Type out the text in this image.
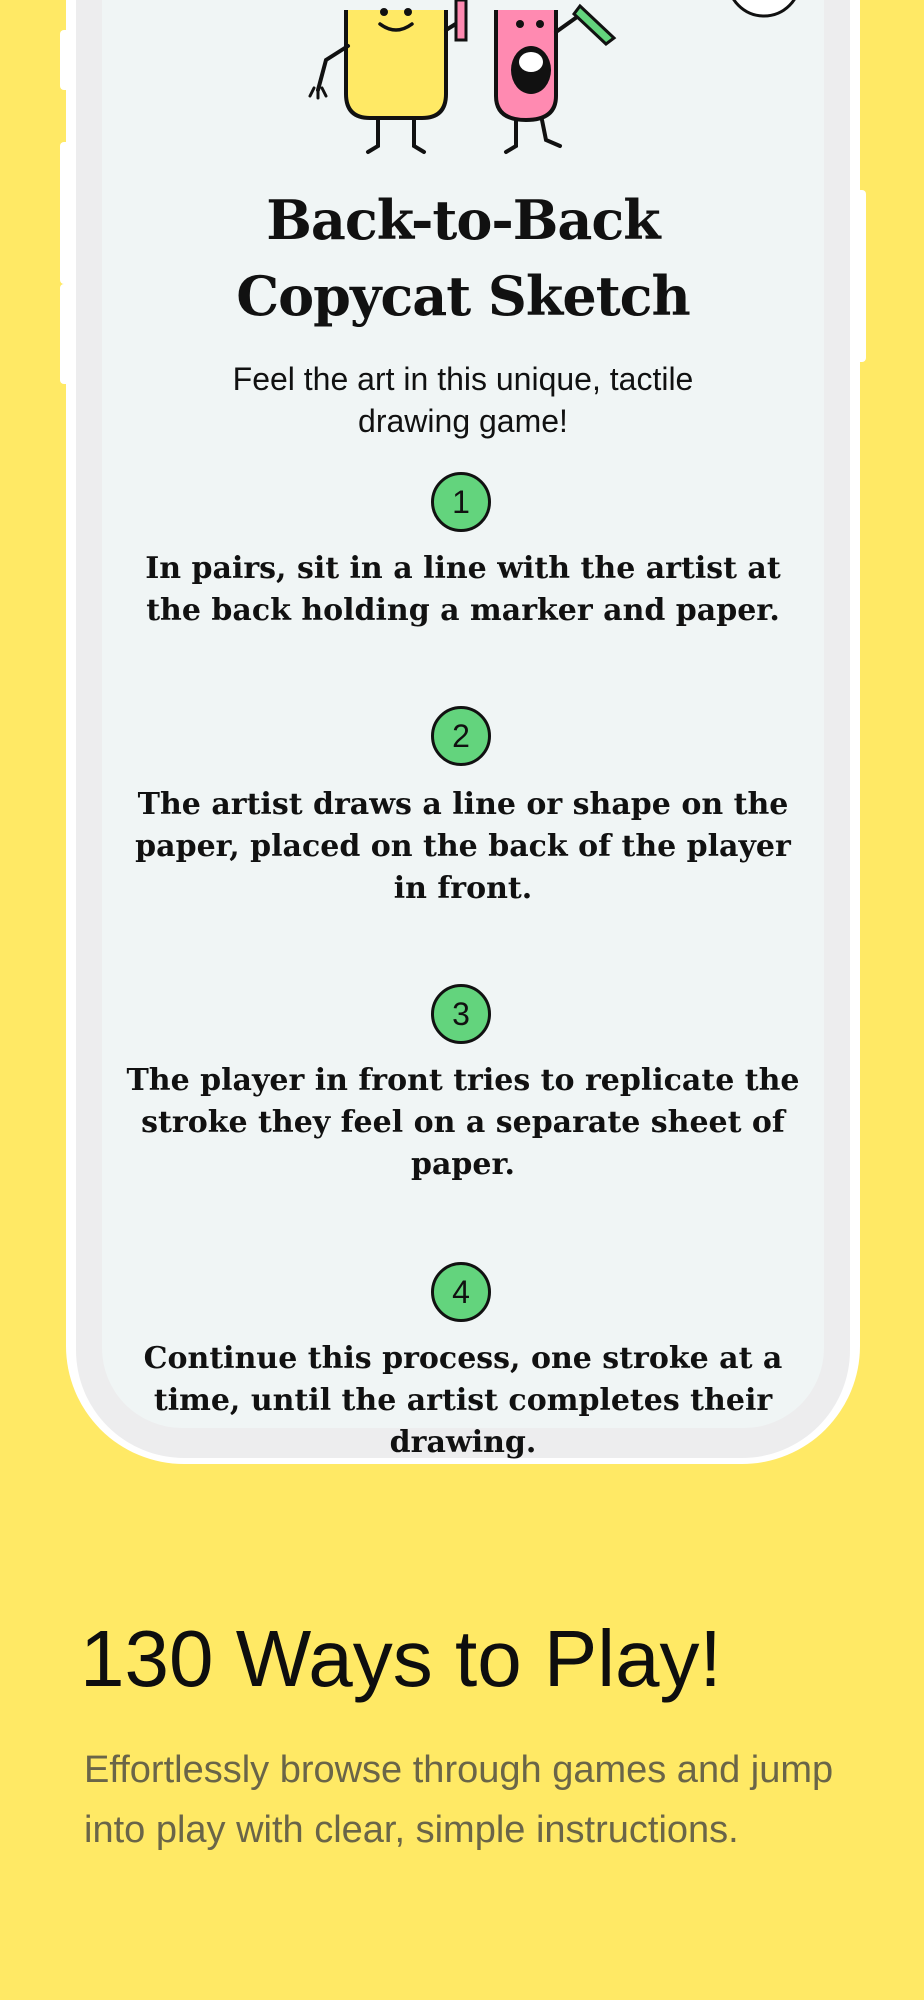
Back-to-Back
Copycat Sketch
Feel the art in this unique, tactile drawing game!
1
In pairs, sit in a line with the artist at the back holding a marker and paper.
2
The artist draws a line or shape on the paper, placed on the back of the player in front.
3
The player in front tries to replicate the stroke they feel on a separate sheet of paper.
4
Continue this process, one stroke at a time, until the artist completes their drawing.
130 Ways to Play!
Effortlessly browse through games and jump into play with clear, simple instructions.
